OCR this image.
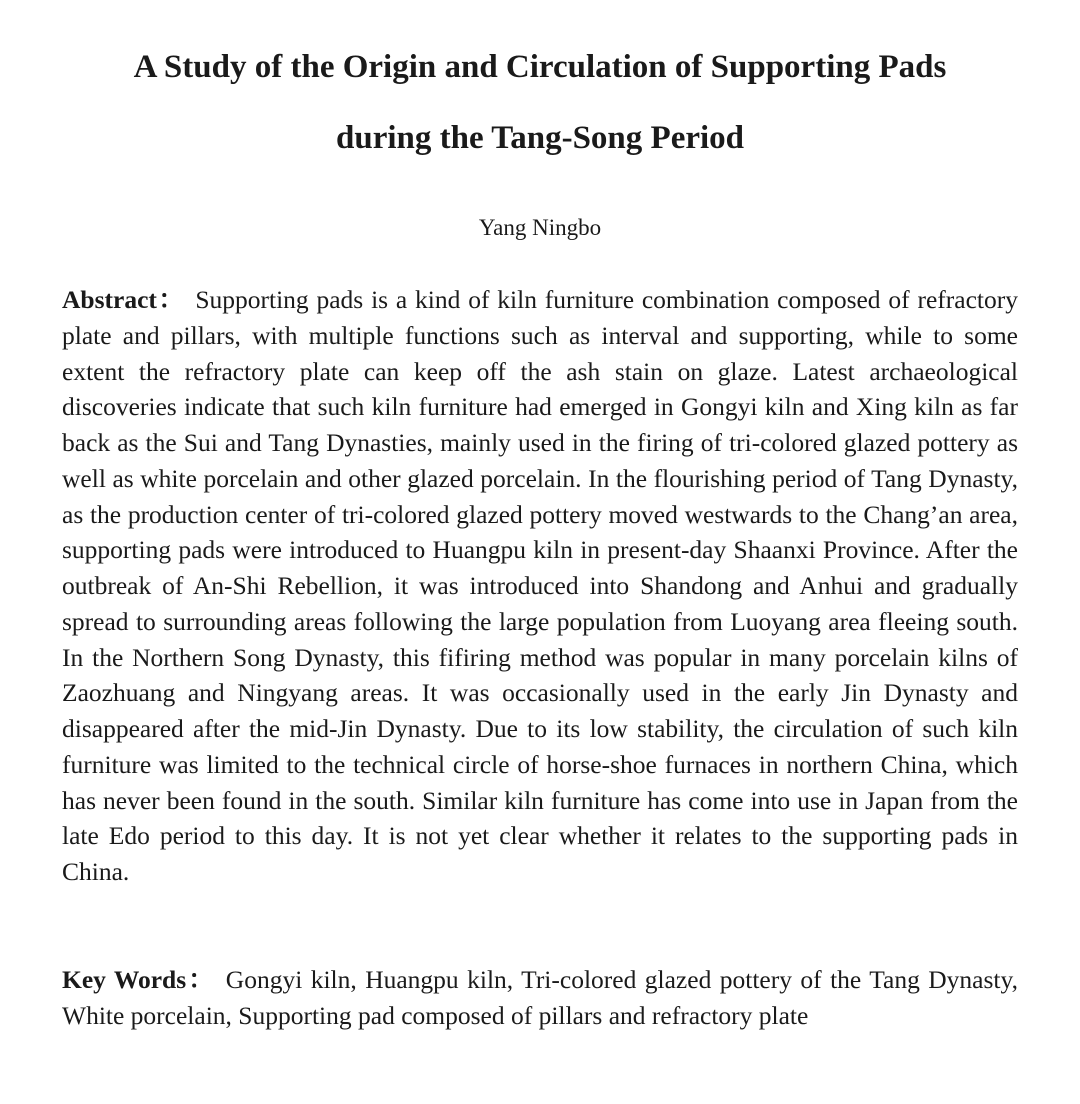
A Study of the Origin and Circulation of Supporting Pads
during the Tang-Song Period

Yang Ningbo

Abstract： Supporting pads is a kind of kiln furniture combination composed of refractory plate and pillars, with multiple functions such as interval and supporting, while to some extent the refractory plate can keep off the ash stain on glaze. Latest archaeological discoveries indicate that such kiln furniture had emerged in Gongyi kiln and Xing kiln as far back as the Sui and Tang Dynasties, mainly used in the firing of tri-colored glazed pottery as well as white porcelain and other glazed porcelain. In the flourishing period of Tang Dynasty, as the production center of tri-colored glazed pottery moved westwards to the Chang’an area, supporting pads were introduced to Huangpu kiln in present-day Shaanxi Province. After the outbreak of An-Shi Rebellion, it was introduced into Shandong and Anhui and gradually spread to surrounding areas following the large population from Luoyang area fleeing south. In the Northern Song Dynasty, this fifiring method was popular in many porcelain kilns of Zaozhuang and Ningyang areas. It was occasionally used in the early Jin Dynasty and disappeared after the mid-Jin Dynasty. Due to its low stability, the circulation of such kiln furniture was limited to the technical circle of horse-shoe furnaces in northern China, which has never been found in the south. Similar kiln furniture has come into use in Japan from the late Edo period to this day. It is not yet clear whether it relates to the supporting pads in China.

Key Words： Gongyi kiln, Huangpu kiln, Tri-colored glazed pottery of the Tang Dynasty, White porcelain, Supporting pad composed of pillars and refractory plate
